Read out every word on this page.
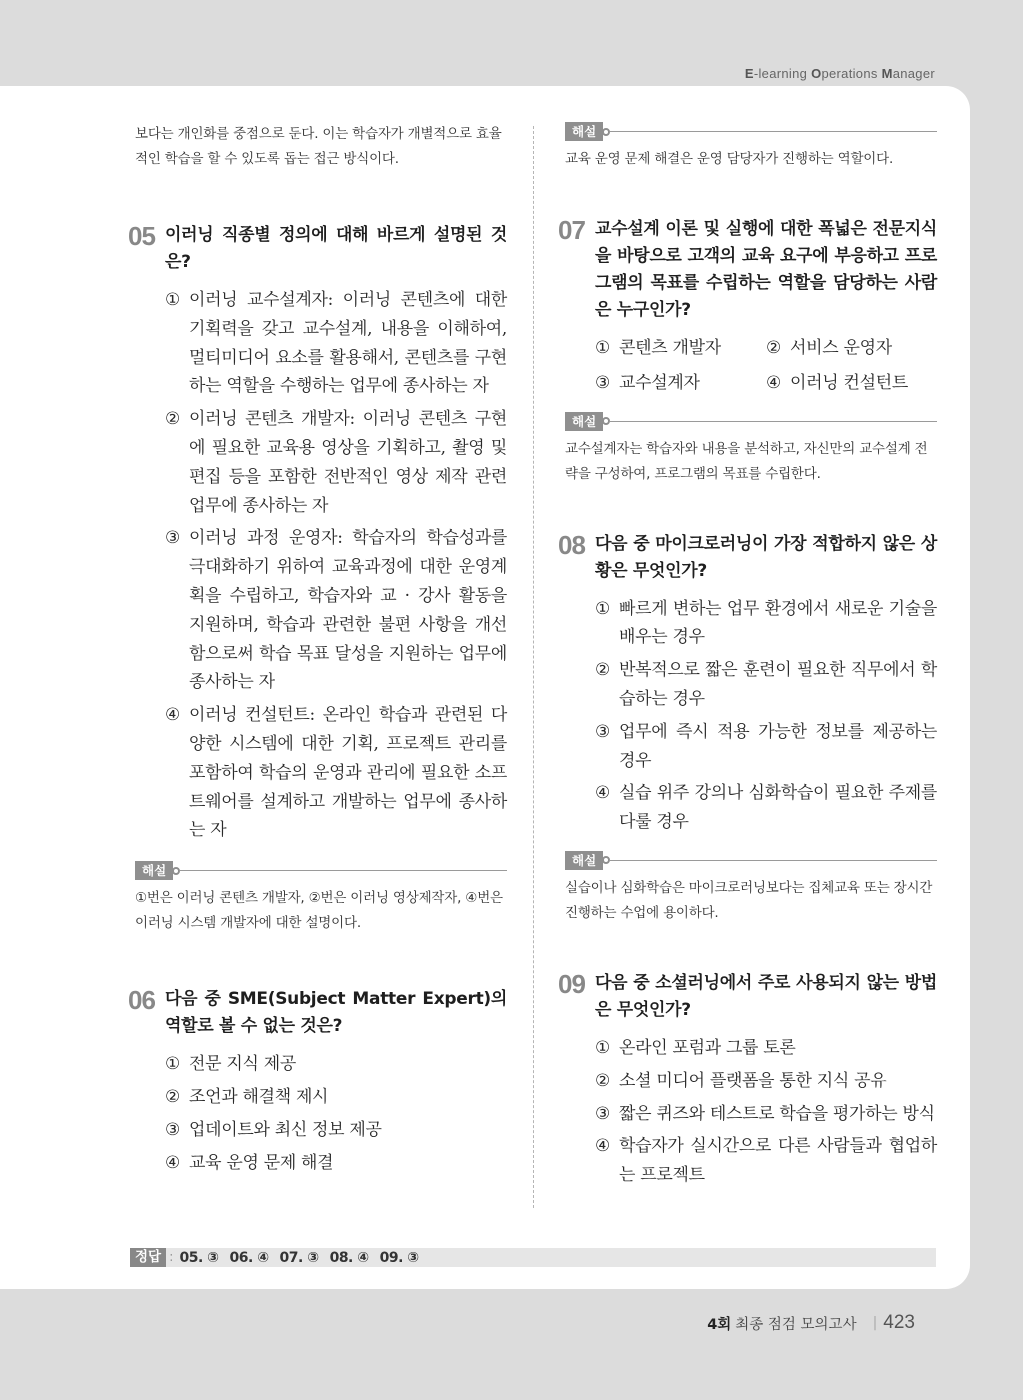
E-learning Operations Manager

보다는 개인화를 중점으로 둔다. 이는 학습자가 개별적으로 효율적인 학습을 할 수 있도록 돕는 접근 방식이다.

05 이러닝 직종별 정의에 대해 바르게 설명된 것은?
① 이러닝 교수설계자: 이러닝 콘텐츠에 대한 기획력을 갖고 교수설계, 내용을 이해하여, 멀티미디어 요소를 활용해서, 콘텐츠를 구현하는 역할을 수행하는 업무에 종사하는 자
② 이러닝 콘텐츠 개발자: 이러닝 콘텐츠 구현에 필요한 교육용 영상을 기획하고, 촬영 및 편집 등을 포함한 전반적인 영상 제작 관련 업무에 종사하는 자
③ 이러닝 과정 운영자: 학습자의 학습성과를 극대화하기 위하여 교육과정에 대한 운영계획을 수립하고, 학습자와 교 · 강사 활동을 지원하며, 학습과 관련한 불편 사항을 개선함으로써 학습 목표 달성을 지원하는 업무에 종사하는 자
④ 이러닝 컨설턴트: 온라인 학습과 관련된 다양한 시스템에 대한 기획, 프로젝트 관리를 포함하여 학습의 운영과 관리에 필요한 소프트웨어를 설계하고 개발하는 업무에 종사하는 자
해설

①번은 이러닝 콘텐츠 개발자, ②번은 이러닝 영상제작자, ④번은 이러닝 시스템 개발자에 대한 설명이다.

06 다음 중 SME(Subject Matter Expert)의 역할로 볼 수 없는 것은?
① 전문 지식 제공
② 조언과 해결책 제시
③ 업데이트와 최신 정보 제공
④ 교육 운영 문제 해결
해설

교육 운영 문제 해결은 운영 담당자가 진행하는 역할이다.

07 교수설계 이론 및 실행에 대한 폭넓은 전문지식을 바탕으로 고객의 교육 요구에 부응하고 프로그램의 목표를 수립하는 역할을 담당하는 사람은 누구인가?
① 콘텐츠 개발자	② 서비스 운영자
③ 교수설계자	④ 이러닝 컨설턴트
해설

교수설계자는 학습자와 내용을 분석하고, 자신만의 교수설계 전략을 구성하여, 프로그램의 목표를 수립한다.

08 다음 중 마이크로러닝이 가장 적합하지 않은 상황은 무엇인가?
① 빠르게 변하는 업무 환경에서 새로운 기술을 배우는 경우
② 반복적으로 짧은 훈련이 필요한 직무에서 학습하는 경우
③ 업무에 즉시 적용 가능한 정보를 제공하는 경우
④ 실습 위주 강의나 심화학습이 필요한 주제를 다룰 경우
해설

실습이나 심화학습은 마이크로러닝보다는 집체교육 또는 장시간 진행하는 수업에 용이하다.

09 다음 중 소셜러닝에서 주로 사용되지 않는 방법은 무엇인가?
① 온라인 포럼과 그룹 토론
② 소셜 미디어 플랫폼을 통한 지식 공유
③ 짧은 퀴즈와 테스트로 학습을 평가하는 방식
④ 학습자가 실시간으로 다른 사람들과 협업하는 프로젝트
정답 : 05. ③ 06. ④ 07. ③ 08. ④ 09. ③
4회 최종 점검 모의고사 | 423
